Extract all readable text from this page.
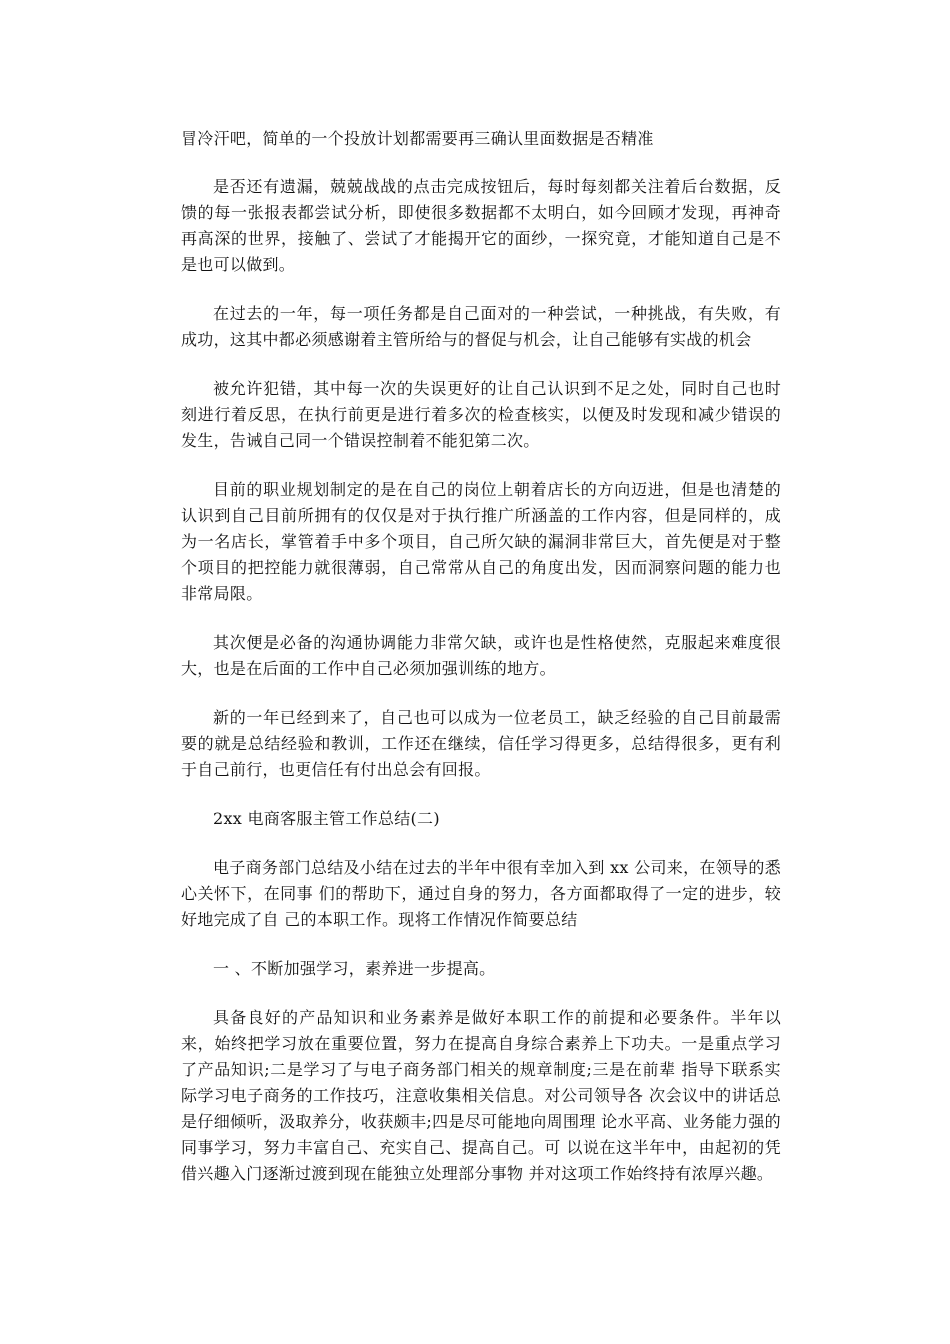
冒冷汗吧，简单的一个投放计划都需要再三确认里面数据是否精准

是否还有遗漏，兢兢战战的点击完成按钮后，每时每刻都关注着后台数据，反馈的每一张报表都尝试分析，即使很多数据都不太明白，如今回顾才发现，再神奇再高深的世界，接触了、尝试了才能揭开它的面纱，一探究竟，才能知道自己是不是也可以做到。

在过去的一年，每一项任务都是自己面对的一种尝试，一种挑战，有失败，有成功，这其中都必须感谢着主管所给与的督促与机会，让自己能够有实战的机会

被允许犯错，其中每一次的失误更好的让自己认识到不足之处，同时自己也时刻进行着反思，在执行前更是进行着多次的检查核实，以便及时发现和减少错误的发生，告诫自己同一个错误控制着不能犯第二次。

目前的职业规划制定的是在自己的岗位上朝着店长的方向迈进，但是也清楚的认识到自己目前所拥有的仅仅是对于执行推广所涵盖的工作内容，但是同样的，成为一名店长，掌管着手中多个项目，自己所欠缺的漏洞非常巨大，首先便是对于整个项目的把控能力就很薄弱，自己常常从自己的角度出发，因而洞察问题的能力也非常局限。

其次便是必备的沟通协调能力非常欠缺，或许也是性格使然，克服起来难度很大，也是在后面的工作中自己必须加强训练的地方。

新的一年已经到来了，自己也可以成为一位老员工，缺乏经验的自己目前最需要的就是总结经验和教训，工作还在继续，信任学习得更多，总结得很多，更有利于自己前行，也更信任有付出总会有回报。

2xx 电商客服主管工作总结(二)

电子商务部门总结及小结在过去的半年中很有幸加入到 xx 公司来，在领导的悉心关怀下，在同事 们的帮助下，通过自身的努力，各方面都取得了一定的进步，较好地完成了自 己的本职工作。现将工作情况作简要总结

一 、不断加强学习，素养进一步提高。

具备良好的产品知识和业务素养是做好本职工作的前提和必要条件。半年以来，始终把学习放在重要位置，努力在提高自身综合素养上下功夫。一是重点学习了产品知识;二是学习了与电子商务部门相关的规章制度;三是在前辈 指导下联系实际学习电子商务的工作技巧，注意收集相关信息。对公司领导各 次会议中的讲话总是仔细倾听，汲取养分，收获颇丰;四是尽可能地向周围理 论水平高、业务能力强的同事学习，努力丰富自己、充实自己、提高自己。可 以说在这半年中，由起初的凭借兴趣入门逐渐过渡到现在能独立处理部分事物 并对这项工作始终持有浓厚兴趣。
